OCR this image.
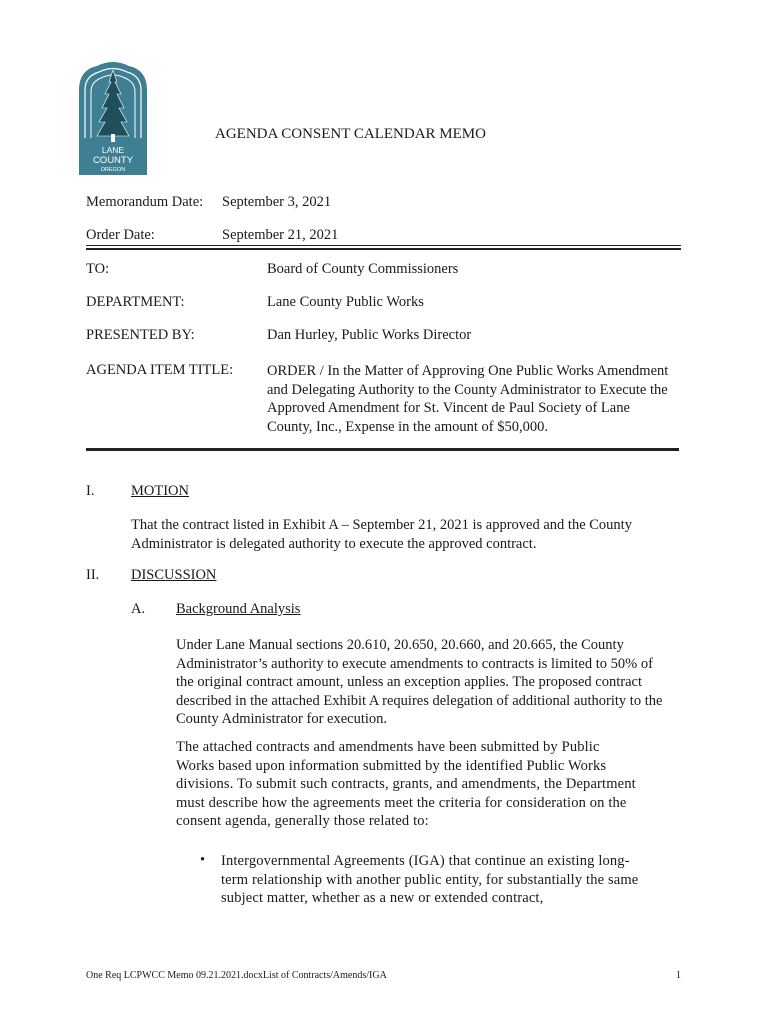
LANE
COUNTY
OREGON
AGENDA CONSENT CALENDAR MEMO
Memorandum Date: September 3, 2021
Order Date:	September 21, 2021
TO:	Board of County Commissioners
DEPARTMENT:	Lane County Public Works
PRESENTED BY:	Dan Hurley, Public Works Director
AGENDA ITEM TITLE: ORDER / In the Matter of Approving One Public Works Amendment
and Delegating Authority to the County Administrator to Execute the
Approved Amendment for St. Vincent de Paul Society of Lane
County, Inc., Expense in the amount of $50,000.
I.	MOTION
That the contract listed in Exhibit A – September 21, 2021 is approved and the County
Administrator is delegated authority to execute the approved contract.
II. DISCUSSION
A. Background Analysis
Under Lane Manual sections 20.610, 20.650, 20.660, and 20.665, the County
Administrator’s authority to execute amendments to contracts is limited to 50% of
the original contract amount, unless an exception applies. The proposed contract
described in the attached Exhibit A requires delegation of additional authority to the
County Administrator for execution.
The attached contracts and amendments have been submitted by Public
Works based upon information submitted by the identified Public Works
divisions. To submit such contracts, grants, and amendments, the Department
must describe how the agreements meet the criteria for consideration on the
consent agenda, generally those related to:
• Intergovernmental Agreements (IGA) that continue an existing long-
term relationship with another public entity, for substantially the same
subject matter, whether as a new or extended contract,
One Req LCPWCC Memo 09.21.2021.docxList of Contracts/Amends/IGA	1
